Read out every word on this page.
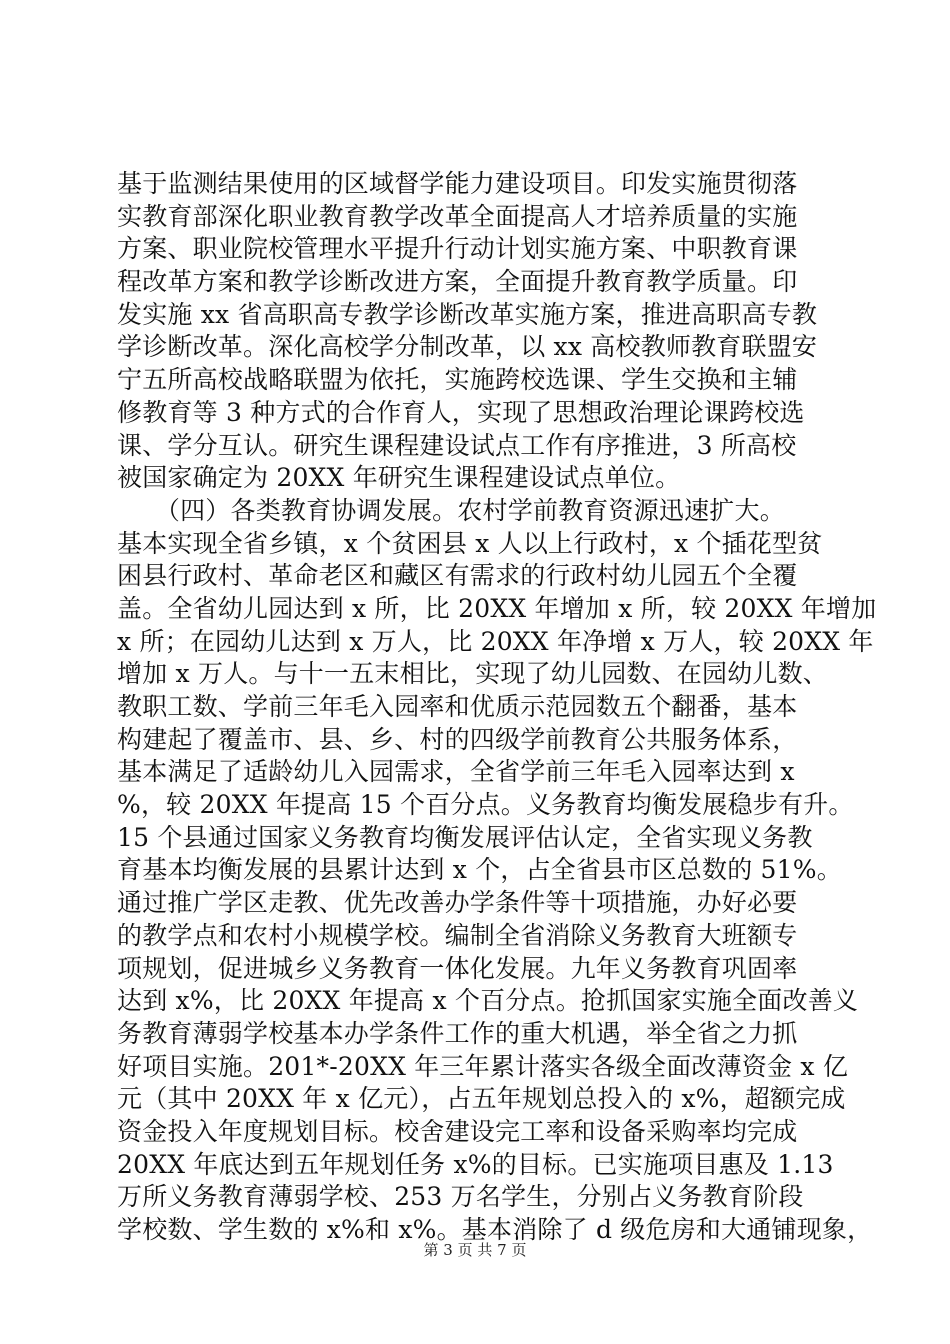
基于监测结果使用的区域督学能力建设项目。印发实施贯彻落
实教育部深化职业教育教学改革全面提高人才培养质量的实施
方案、职业院校管理水平提升行动计划实施方案、中职教育课
程改革方案和教学诊断改进方案，全面提升教育教学质量。印
发实施 xx 省高职高专教学诊断改革实施方案，推进高职高专教
学诊断改革。深化高校学分制改革，以 xx 高校教师教育联盟安
宁五所高校战略联盟为依托，实施跨校选课、学生交换和主辅
修教育等 3 种方式的合作育人，实现了思想政治理论课跨校选
课、学分互认。研究生课程建设试点工作有序推进，3 所高校
被国家确定为 20XX 年研究生课程建设试点单位。
　　（四）各类教育协调发展。农村学前教育资源迅速扩大。
基本实现全省乡镇，x 个贫困县 x 人以上行政村，x 个插花型贫
困县行政村、革命老区和藏区有需求的行政村幼儿园五个全覆
盖。全省幼儿园达到 x 所，比 20XX 年增加 x 所，较 20XX 年增加
x 所；在园幼儿达到 x 万人，比 20XX 年净增 x 万人，较 20XX 年
增加 x 万人。与十一五末相比，实现了幼儿园数、在园幼儿数、
教职工数、学前三年毛入园率和优质示范园数五个翻番，基本
构建起了覆盖市、县、乡、村的四级学前教育公共服务体系，
基本满足了适龄幼儿入园需求，全省学前三年毛入园率达到 x
%，较 20XX 年提高 15 个百分点。义务教育均衡发展稳步有升。
15 个县通过国家义务教育均衡发展评估认定，全省实现义务教
育基本均衡发展的县累计达到 x 个，占全省县市区总数的 51%。
通过推广学区走教、优先改善办学条件等十项措施，办好必要
的教学点和农村小规模学校。编制全省消除义务教育大班额专
项规划，促进城乡义务教育一体化发展。九年义务教育巩固率
达到 x%，比 20XX 年提高 x 个百分点。抢抓国家实施全面改善义
务教育薄弱学校基本办学条件工作的重大机遇，举全省之力抓
好项目实施。201*-20XX 年三年累计落实各级全面改薄资金 x 亿
元（其中 20XX 年 x 亿元），占五年规划总投入的 x%，超额完成
资金投入年度规划目标。校舍建设完工率和设备采购率均完成
20XX 年底达到五年规划任务 x%的目标。已实施项目惠及 1.13
万所义务教育薄弱学校、253 万名学生，分别占义务教育阶段
学校数、学生数的 x%和 x%。基本消除了 d 级危房和大通铺现象，
第 3 页 共 7 页
